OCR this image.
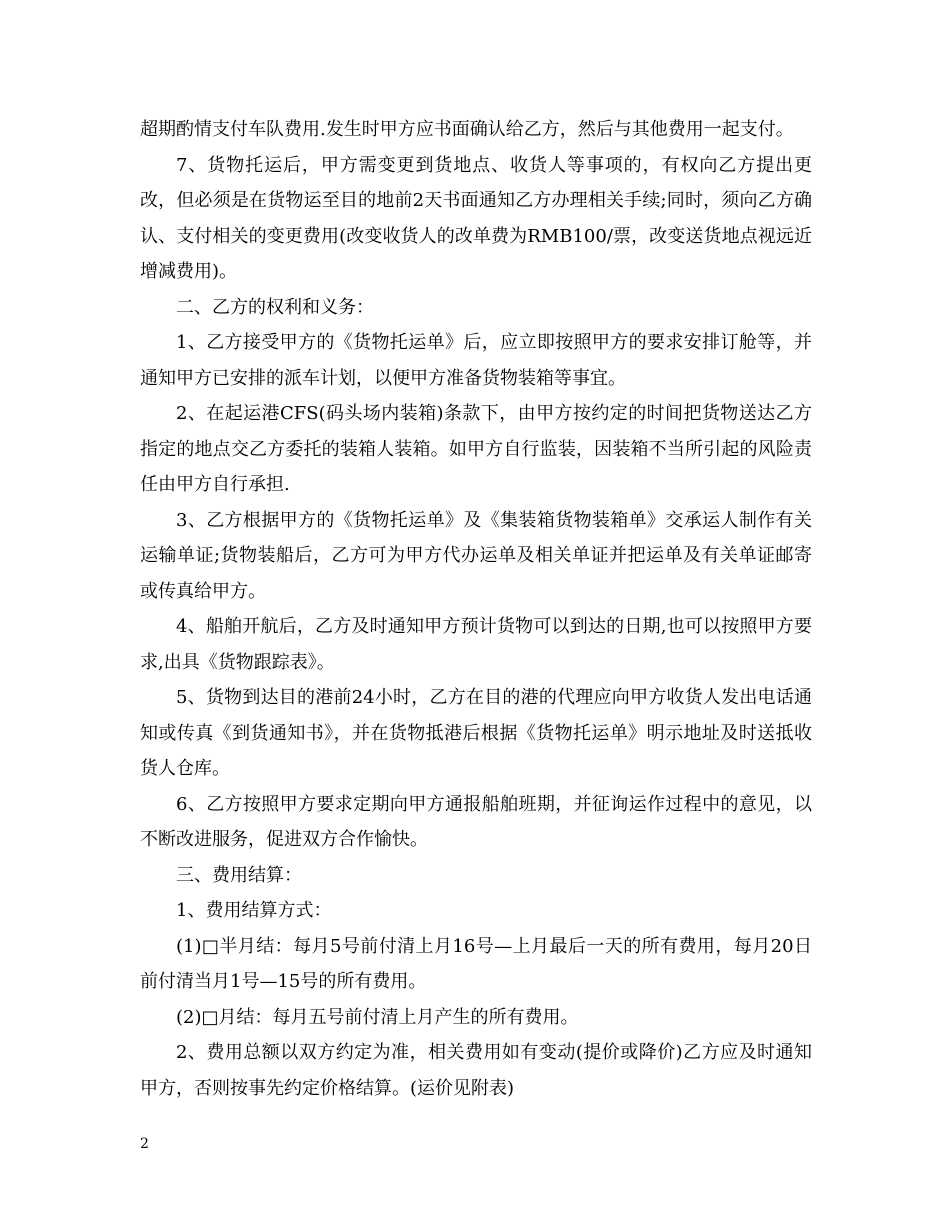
超期酌情支付车队费用.发生时甲方应书面确认给乙方，然后与其他费用一起支付。

7、货物托运后，甲方需变更到货地点、收货人等事项的，有权向乙方提出更改，但必须是在货物运至目的地前2天书面通知乙方办理相关手续;同时，须向乙方确认、支付相关的变更费用(改变收货人的改单费为RMB100/票，改变送货地点视远近增减费用)。

二、乙方的权利和义务：

1、乙方接受甲方的《货物托运单》后，应立即按照甲方的要求安排订舱等，并通知甲方已安排的派车计划，以便甲方准备货物装箱等事宜。

2、在起运港CFS(码头场内装箱)条款下，由甲方按约定的时间把货物送达乙方指定的地点交乙方委托的装箱人装箱。如甲方自行监装，因装箱不当所引起的风险责任由甲方自行承担.

3、乙方根据甲方的《货物托运单》及《集装箱货物装箱单》交承运人制作有关运输单证;货物装船后，乙方可为甲方代办运单及相关单证并把运单及有关单证邮寄或传真给甲方。

4、船舶开航后，乙方及时通知甲方预计货物可以到达的日期,也可以按照甲方要求,出具《货物跟踪表》。

5、货物到达目的港前24小时，乙方在目的港的代理应向甲方收货人发出电话通知或传真《到货通知书》，并在货物抵港后根据《货物托运单》明示地址及时送抵收货人仓库。

6、乙方按照甲方要求定期向甲方通报船舶班期，并征询运作过程中的意见，以不断改进服务，促进双方合作愉快。

三、费用结算：

1、费用结算方式：

(1)□半月结：每月5号前付清上月16号—上月最后一天的所有费用，每月20日前付清当月1号—15号的所有费用。

(2)□月结：每月五号前付清上月产生的所有费用。

2、费用总额以双方约定为准，相关费用如有变动(提价或降价)乙方应及时通知甲方，否则按事先约定价格结算。(运价见附表)

2
